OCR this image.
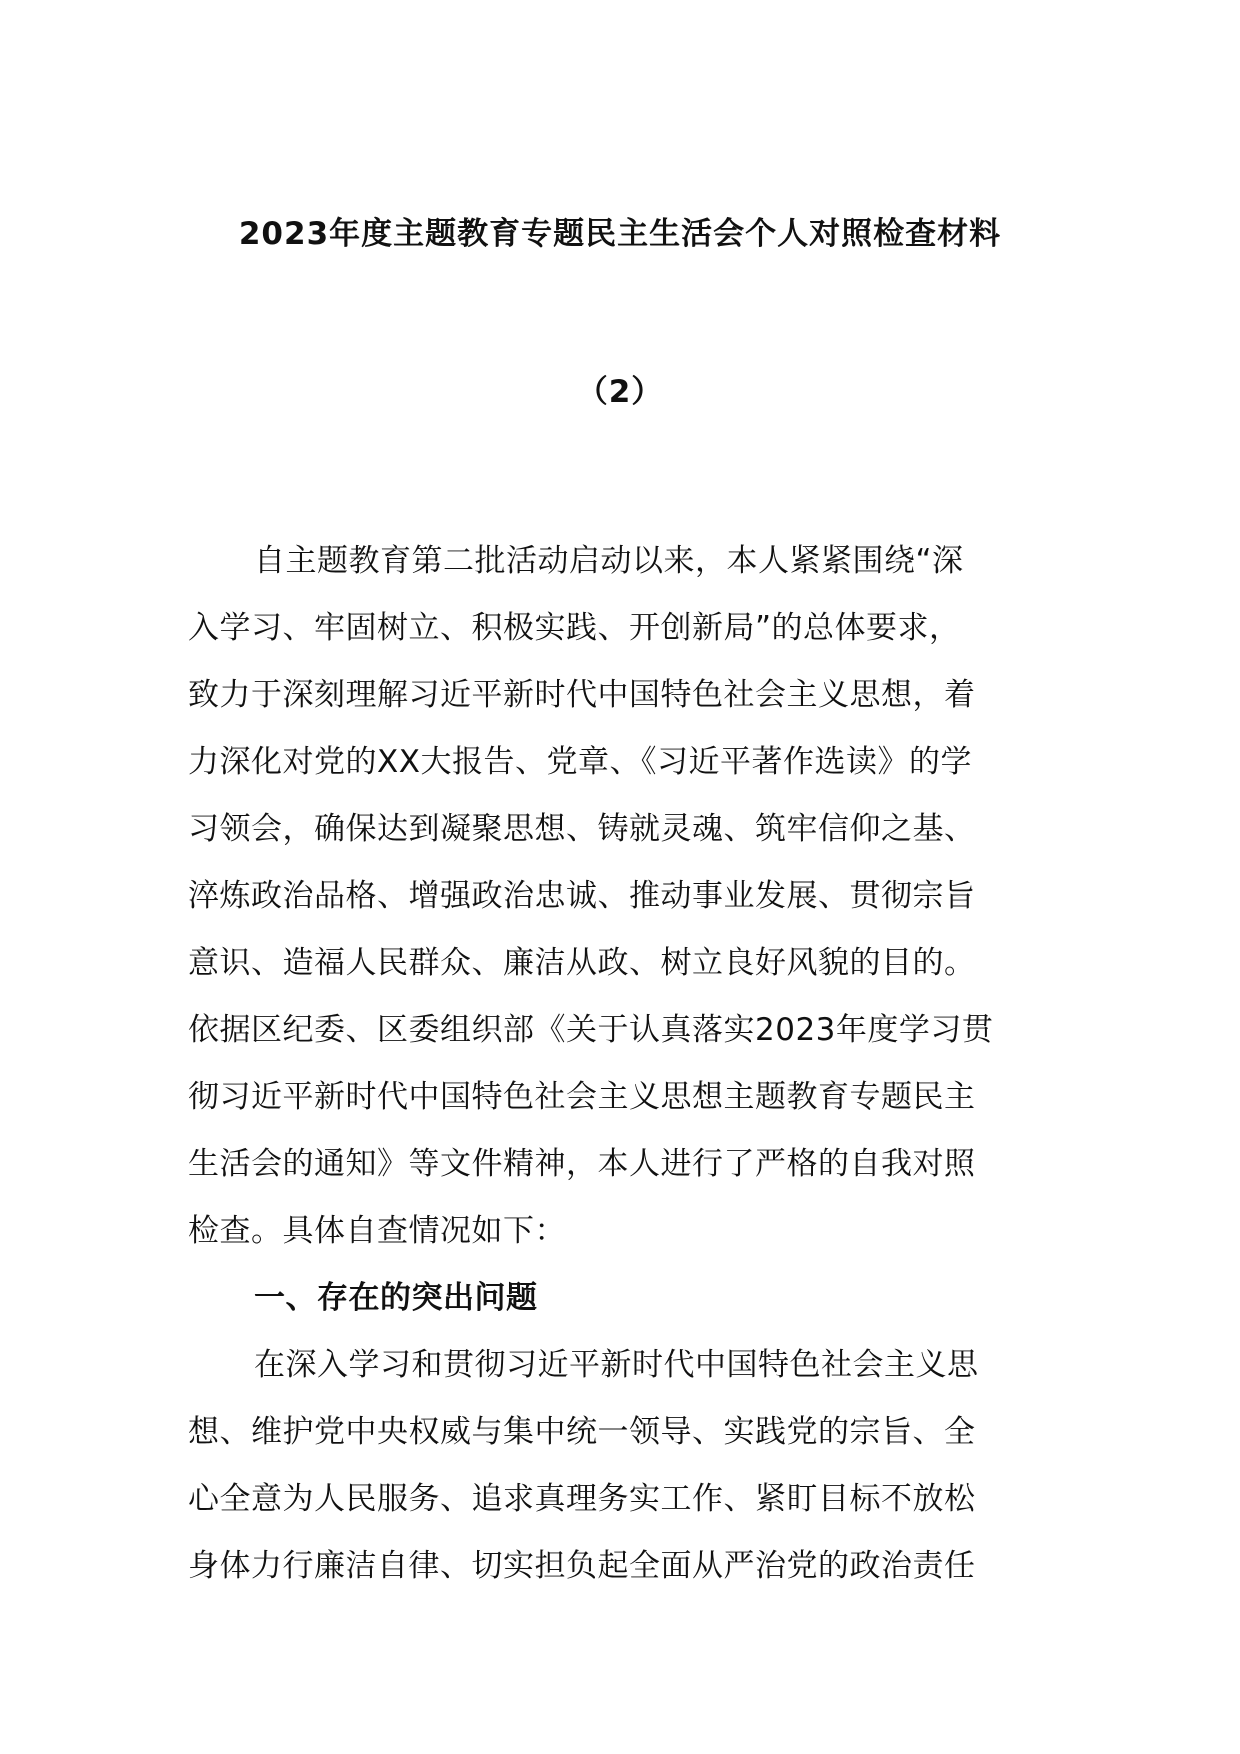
2023年度主题教育专题民主生活会个人对照检查材料
（2）
自主题教育第二批活动启动以来，本人紧紧围绕“深
入学习、牢固树立、积极实践、开创新局”的总体要求，
致力于深刻理解习近平新时代中国特色社会主义思想，着
力深化对党的XX大报告、党章、《习近平著作选读》的学
习领会，确保达到凝聚思想、铸就灵魂、筑牢信仰之基、
淬炼政治品格、增强政治忠诚、推动事业发展、贯彻宗旨
意识、造福人民群众、廉洁从政、树立良好风貌的目的。
依据区纪委、区委组织部《关于认真落实2023年度学习贯
彻习近平新时代中国特色社会主义思想主题教育专题民主
生活会的通知》等文件精神，本人进行了严格的自我对照
检查。具体自查情况如下：
一、存在的突出问题
在深入学习和贯彻习近平新时代中国特色社会主义思
想、维护党中央权威与集中统一领导、实践党的宗旨、全
心全意为人民服务、追求真理务实工作、紧盯目标不放松
身体力行廉洁自律、切实担负起全面从严治党的政治责任
